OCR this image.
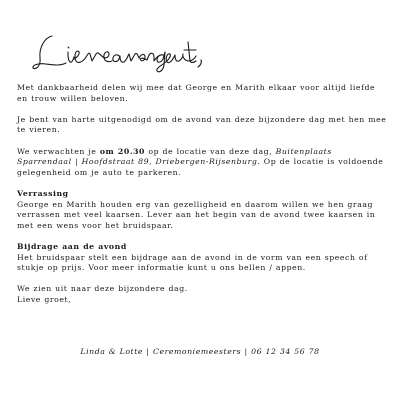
Met dankbaarheid delen wij mee dat George en Marith elkaar voor altijd liefde en trouw willen beloven.

Je bent van harte uitgenodigd om de avond van deze bijzondere dag met hen mee te vieren.

We verwachten je om 20.30 op de locatie van deze dag, Buitenplaats Sparrendaal | Hoofdstraat 89, Driebergen-Rijsenburg. Op de locatie is voldoende gelegenheid om je auto te parkeren.

Verrassing
George en Marith houden erg van gezelligheid en daarom willen we hen graag verrassen met veel kaarsen. Lever aan het begin van de avond twee kaarsen in met een wens voor het bruidspaar.

Bijdrage aan de avond
Het bruidspaar stelt een bijdrage aan de avond in de vorm van een speech of stukje op prijs. Voor meer informatie kunt u ons bellen / appen.

We zien uit naar deze bijzondere dag.
Lieve groet,

Linda & Lotte | Ceremoniemeesters | 06 12 34 56 78
